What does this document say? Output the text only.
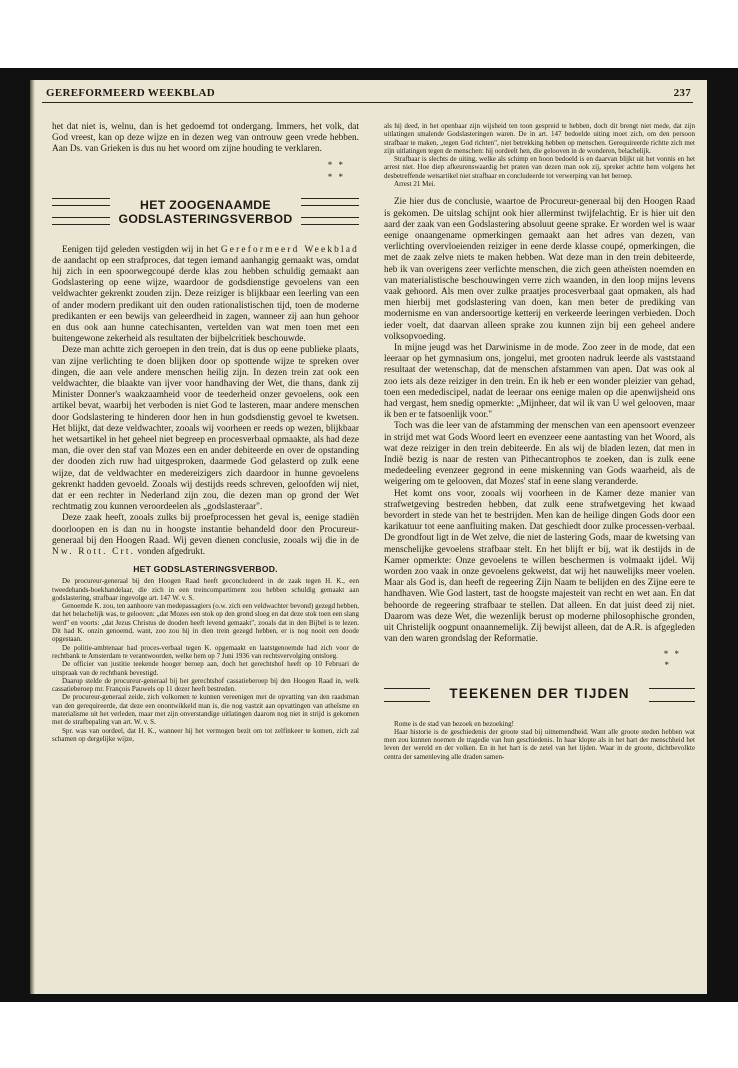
GEREFORMEERD WEEKBLAD	237

het dat niet is, welnu, dan is het gedoemd tot ondergang. Immers, het volk, dat God vreest, kan op deze wijze en in dezen weg van ontrouw geen vrede hebben. Aan Ds. van Grieken is dus nu het woord om zijne houding te verklaren.

* *
* *
HET ZOOGENAAMDE
GODSLASTERINGSVERBOD

Eenigen tijd geleden vestigden wij in het Gereformeerd Weekblad de aandacht op een strafproces, dat tegen iemand aanhangig gemaakt was, omdat hij zich in een spoorwegcoupé derde klas zou hebben schuldig gemaakt aan Godslastering op eene wijze, waardoor de godsdienstige gevoelens van een veldwachter gekrenkt zouden zijn. Deze reiziger is blijkbaar een leerling van een of ander modern predikant uit den ouden rationalistischen tijd, toen de moderne predikanten er een bewijs van geleerdheid in zagen, wanneer zij aan hun gehoor en dus ook aan hunne catechisanten, vertelden van wat men toen met een buitengewone zekerheid als resultaten der bijbelcritiek beschouwde.

Deze man achtte zich geroepen in den trein, dat is dus op eene publieke plaats, van zijne verlichting te doen blijken door op spottende wijze te spreken over dingen, die aan vele andere menschen heilig zijn. In dezen trein zat ook een veldwachter, die blaakte van ijver voor handhaving der Wet, die thans, dank zij Minister Donner's waakzaamheid voor de teederheid onzer gevoelens, ook een artikel bevat, waarbij het verboden is niet God te lasteren, maar andere menschen door Godslastering te hinderen door hen in hun godsdienstig gevoel te kwetsen. Het blijkt, dat deze veldwachter, zooals wij voorheen er reeds op wezen, blijkbaar het wetsartikel in het geheel niet begreep en procesverbaal opmaakte, als had deze man, die over den staf van Mozes een en ander debiteerde en over de opstanding der dooden zich ruw had uitgesproken, daarmede God gelasterd op zulk eene wijze, dat de veldwachter en medereizigers zich daardoor in hunne gevoelens gekrenkt hadden gevoeld. Zooals wij destijds reeds schreven, geloofden wij niet, dat er een rechter in Nederland zijn zou, die dezen man op grond der Wet rechtmatig zou kunnen veroordeelen als „godslasteraar".

Deze zaak heeft, zooals zulks bij proefprocessen het geval is, eenige stadiën doorloopen en is dan nu in hoogste instantie behandeld door den Procureur-generaal bij den Hoogen Raad. Wij geven dienen conclusie, zooals wij die in de Nw. Rott. Crt. vonden afgedrukt.

HET GODSLASTERINGSVERBOD.

De procureur-generaal bij den Hoogen Raad heeft geconcludeerd in de zaak tegen H. K., een tweedehands-boekhandelaar, die zich in een treincompartiment zou hebben schuldig gemaakt aan godslastering, strafbaar ingevolge art. 147 W. v. S.

Genoemde K. zou, ten aanhoore van medepassagiers (o.w. zich een veldwachter bevond) gezegd hebben, dat het belachelijk was, te gelooven: „dat Mozes een stok op den grond sloeg en dat deze stok toen een slang werd" en voorts: „dat Jezus Christus de dooden heeft levend gemaakt", zooals dat in den Bijbel is te lezen. Dit had K. onzin genoemd, want, zoo zou hij in dien trein gezegd hebben, er is nog nooit een doode opgestaan.

De politie-ambtenaar had proces-verbaal tegen K. opgemaakt en laatstgenoemde had zich voor de rechtbank te Amsterdam te verantwoorden, welke hem op 7 Juni 1936 van rechtsvervolging ontsloeg.

De officier van justitie teekende hooger beroep aan, doch het gerechtshof heeft op 10 Februari de uitspraak van de rechtbank bevestigd.

Daarop stelde de procureur-generaal bij het gerechtshof cassatieberoep bij den Hoogen Raad in, welk cassatieberoep mr. François Pauwels op 11 dezer heeft bestreden.

De procureur-generaal zeide, zich volkomen te kunnen vereenigen met de opvatting van den raadsman van den gerequireerde, dat deze een onontwikkeld man is, die nog vastzit aan opvattingen van atheïsme en materialisme uit het verleden, maar met zijn onverstandige uitlatingen daarom nog niet in strijd is gekomen met de strafbepaling van art. W. v. S.

Spr. was van oordeel, dat H. K., wanneer hij het vermogen bezit om tot zelfinkeer te komen, zich zal schamen op dergelijke wijze,

als hij deed, in het openbaar zijn wijsheid ten toon gespreid te hebben, doch dit brengt niet mede, dat zijn uitlatingen smalende Godslasteringen waren. De in art. 147 bedoelde uiting moet zich, om den persoon strafbaar te maken, „tegen God richten", niet betrekking hebben op menschen. Gerequireerde richtte zich met zijn uitlatingen tegen de menschen: hij oordeelt hen, die gelooven in de wonderen, belachelijk.

Strafbaar is slechts de uiting, welke als schimp en hoon bedoeld is en daarvan blijkt uit het vonnis en het arrest niet. Hoe diep afkeurenswaardig het praten van dezen man ook zij, spreker achtte hem volgens het desbetreffende wetsartikel niet strafbaar en concludeerde tot verwerping van het beroep.

Arrest 21 Mei.

Zie hier dus de conclusie, waartoe de Procureur-generaal bij den Hoogen Raad is gekomen. De uitslag schijnt ook hier allerminst twijfelachtig. Er is hier uit den aard der zaak van een Godslastering absoluut geene sprake. Er worden wel is waar eenige onaangename opmerkingen gemaakt aan het adres van dezen, van verlichting overvloeienden reiziger in eene derde klasse coupé, opmerkingen, die met de zaak zelve niets te maken hebben. Wat deze man in den trein debiteerde, heb ik van overigens zeer verlichte menschen, die zich geen atheïsten noemden en van materialistische beschouwingen verre zich waanden, in den loop mijns levens vaak gehoord. Als men over zulke praatjes procesverbaal gaat opmaken, als had men hierbij met godslastering van doen, kan men beter de prediking van modernisme en van andersoortige ketterij en verkeerde leeringen verbieden. Doch ieder voelt, dat daarvan alleen sprake zou kunnen zijn bij een geheel andere volksopvoeding.

In mijne jeugd was het Darwinisme in de mode. Zoo zeer in de mode, dat een leeraar op het gymnasium ons, jongelui, met grooten nadruk leerde als vaststaand resultaat der wetenschap, dat de menschen afstammen van apen. Dat was ook al zoo iets als deze reiziger in den trein. En ik heb er een wonder pleizier van gehad, toen een medediscipel, nadat de leeraar ons eenige malen op die apenwijsheid ons had vergast, hem snedig opmerkte: „Mijnheer, dat wil ik van U wel gelooven, maar ik ben er te fatsoenlijk voor."

Toch was die leer van de afstamming der menschen van een apensoort evenzeer in strijd met wat Gods Woord leert en evenzeer eene aantasting van het Woord, als wat deze reiziger in den trein debiteerde. En als wij de bladen lezen, dat men in Indië bezig is naar de resten van Pithecantrophos te zoeken, dan is zulk eene mededeeling evenzeer gegrond in eene miskenning van Gods waarheid, als de weigering om te gelooven, dat Mozes' staf in eene slang veranderde.

Het komt ons voor, zooals wij voorheen in de Kamer deze manier van strafwetgeving bestreden hebben, dat zulk eene strafwetgeving het kwaad bevordert in stede van het te bestrijden. Men kan de heilige dingen Gods door een karikatuur tot eene aanfluiting maken. Dat geschiedt door zulke processen-verbaal. De grondfout ligt in de Wet zelve, die niet de lastering Gods, maar de kwetsing van menschelijke gevoelens strafbaar stelt. En het blijft er bij, wat ik destijds in de Kamer opmerkte: Onze gevoelens te willen beschermen is volmaakt ijdel. Wij worden zoo vaak in onze gevoelens gekwetst, dat wij het nauwelijks meer voelen. Maar als God is, dan heeft de regeering Zijn Naam te belijden en des Zijne eere te handhaven. Wie God lastert, tast de hoogste majesteit van recht en wet aan. En dat behoorde de regeering strafbaar te stellen. Dat alleen. En dat juist deed zij niet. Daarom was deze Wet, die wezenlijk berust op moderne philosophische gronden, uit Christelijk oogpunt onaannemelijk. Zij bewijst alleen, dat de A.R. is afgegleden van den waren grondslag der Reformatie.

* *
*
TEEKENEN DER TIJDEN

Rome is de stad van bezoek en bezoeking!

Haar historie is de geschiedenis der groote stad bij uitnemendheid. Want alle groote steden hebben wat men zou kunnen noemen de tragedie van hun geschiedenis. In haar klopte als in het hart der menschheid het leven der wereld en der volken. En in het hart is de zetel van het lijden. Waar in de groote, dichtbevolkte centra der samenleving alle draden samen-
